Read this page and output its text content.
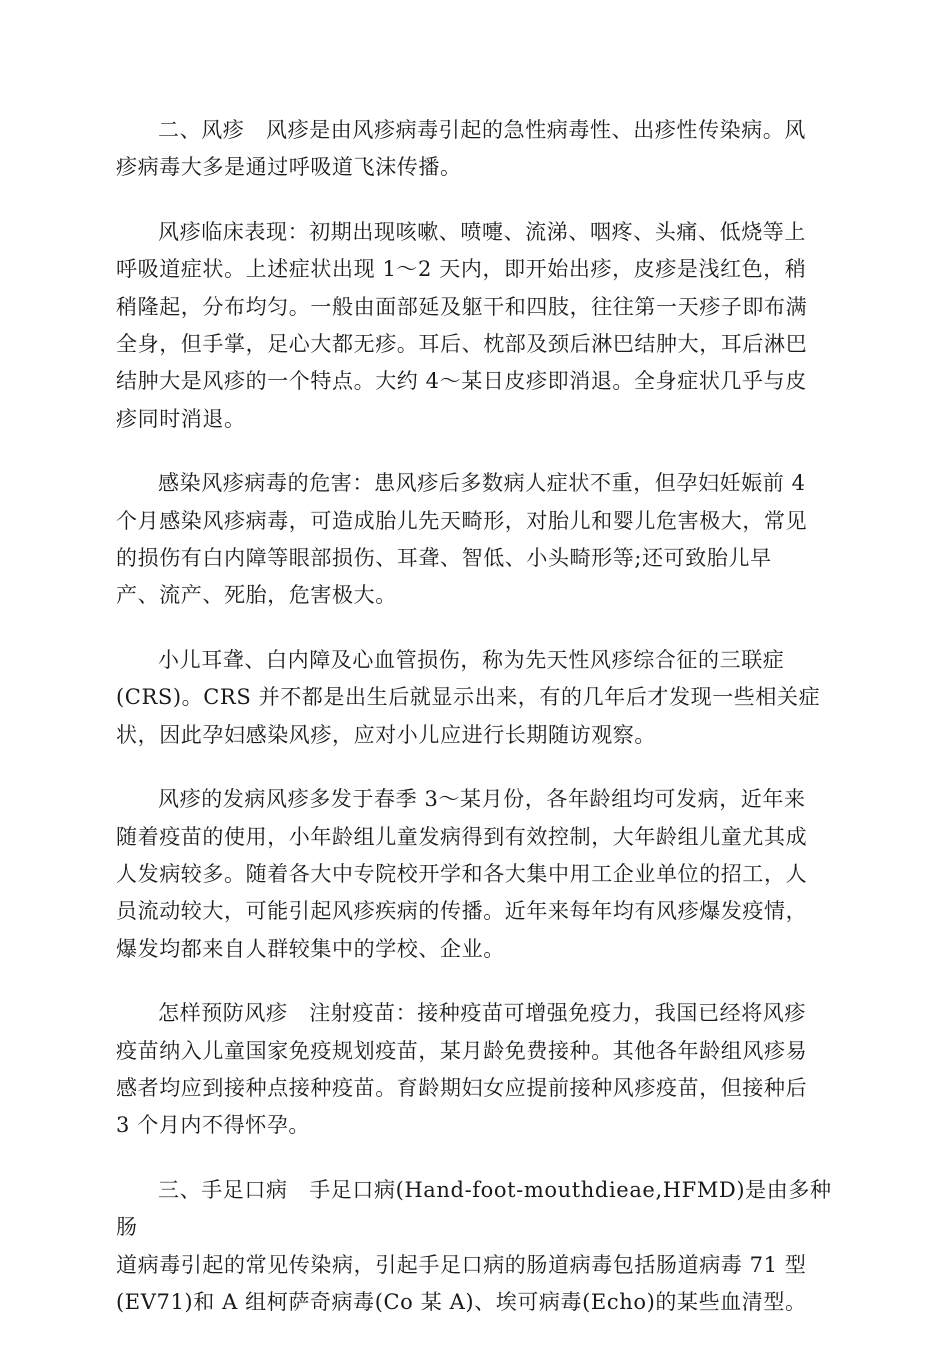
二、风疹　风疹是由风疹病毒引起的急性病毒性、出疹性传染病。风
疹病毒大多是通过呼吸道飞沫传播。

风疹临床表现：初期出现咳嗽、喷嚏、流涕、咽疼、头痛、低烧等上
呼吸道症状。上述症状出现 1～2 天内，即开始出疹，皮疹是浅红色，稍
稍隆起，分布均匀。一般由面部延及躯干和四肢，往往第一天疹子即布满
全身，但手掌，足心大都无疹。耳后、枕部及颈后淋巴结肿大，耳后淋巴
结肿大是风疹的一个特点。大约 4～某日皮疹即消退。全身症状几乎与皮
疹同时消退。

感染风疹病毒的危害：患风疹后多数病人症状不重，但孕妇妊娠前 4
个月感染风疹病毒，可造成胎儿先天畸形，对胎儿和婴儿危害极大，常见
的损伤有白内障等眼部损伤、耳聋、智低、小头畸形等;还可致胎儿早
产、流产、死胎，危害极大。

小儿耳聋、白内障及心血管损伤，称为先天性风疹综合征的三联症
(CRS)。CRS 并不都是出生后就显示出来，有的几年后才发现一些相关症
状，因此孕妇感染风疹，应对小儿应进行长期随访观察。

风疹的发病风疹多发于春季 3～某月份，各年龄组均可发病，近年来
随着疫苗的使用，小年龄组儿童发病得到有效控制，大年龄组儿童尤其成
人发病较多。随着各大中专院校开学和各大集中用工企业单位的招工，人
员流动较大，可能引起风疹疾病的传播。近年来每年均有风疹爆发疫情，
爆发均都来自人群较集中的学校、企业。

怎样预防风疹　注射疫苗：接种疫苗可增强免疫力，我国已经将风疹
疫苗纳入儿童国家免疫规划疫苗，某月龄免费接种。其他各年龄组风疹易
感者均应到接种点接种疫苗。育龄期妇女应提前接种风疹疫苗，但接种后
3 个月内不得怀孕。

三、手足口病　手足口病(Hand-foot-mouthdieae,HFMD)是由多种肠
道病毒引起的常见传染病，引起手足口病的肠道病毒包括肠道病毒 71 型
(EV71)和 A 组柯萨奇病毒(Co 某 A)、埃可病毒(Echo)的某些血清型。
